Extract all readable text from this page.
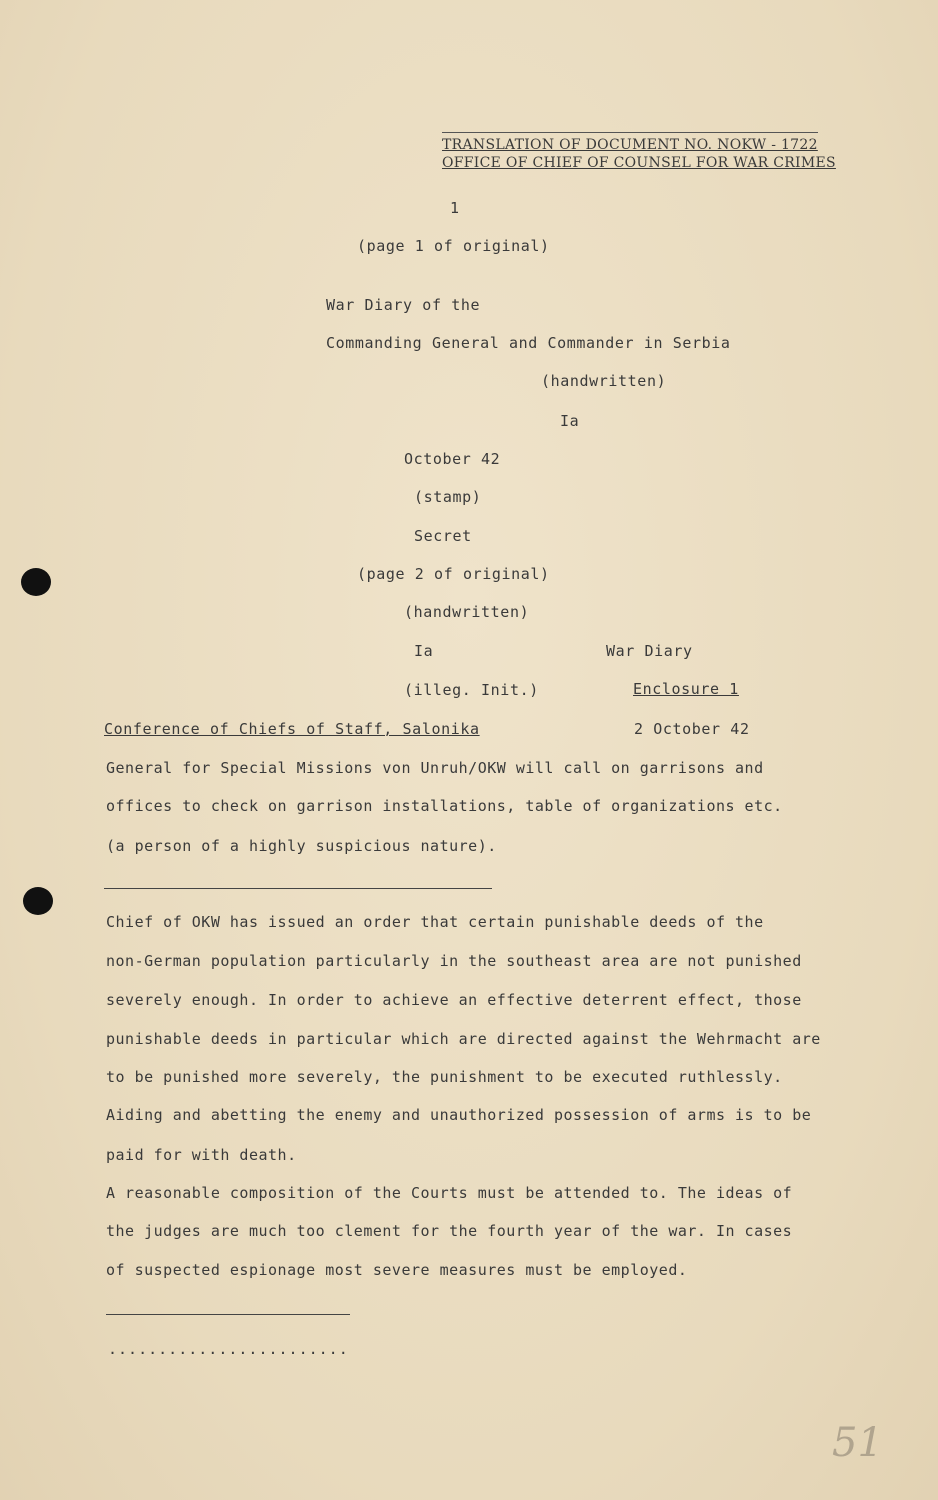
TRANSLATION OF DOCUMENT NO. NOKW - 1722
OFFICE OF CHIEF OF COUNSEL FOR WAR CRIMES
1
(page 1 of original)
War Diary of the
Commanding General and Commander in Serbia
(handwritten)
Ia
October 42
(stamp)
Secret
(page 2 of original)
(handwritten)
Ia	War Diary
(illeg. Init.)	Enclosure 1
Conference of Chiefs of Staff, Salonika	2 October 42
General for Special Missions von Unruh/OKW will call on garrisons and
offices to check on garrison installations, table of organizations etc.
(a person of a highly suspicious nature).
Chief of OKW has issued an order that certain punishable deeds of the
non-German population particularly in the southeast area are not punished
severely enough. In order to achieve an effective deterrent effect, those
punishable deeds in particular which are directed against the Wehrmacht are
to be punished more severely, the punishment to be executed ruthlessly.
Aiding and abetting the enemy and unauthorized possession of arms is to be
paid for with death.
A reasonable composition of the Courts must be attended to. The ideas of
the judges are much too clement for the fourth year of the war. In cases
of suspected espionage most severe measures must be employed.
........................
51
